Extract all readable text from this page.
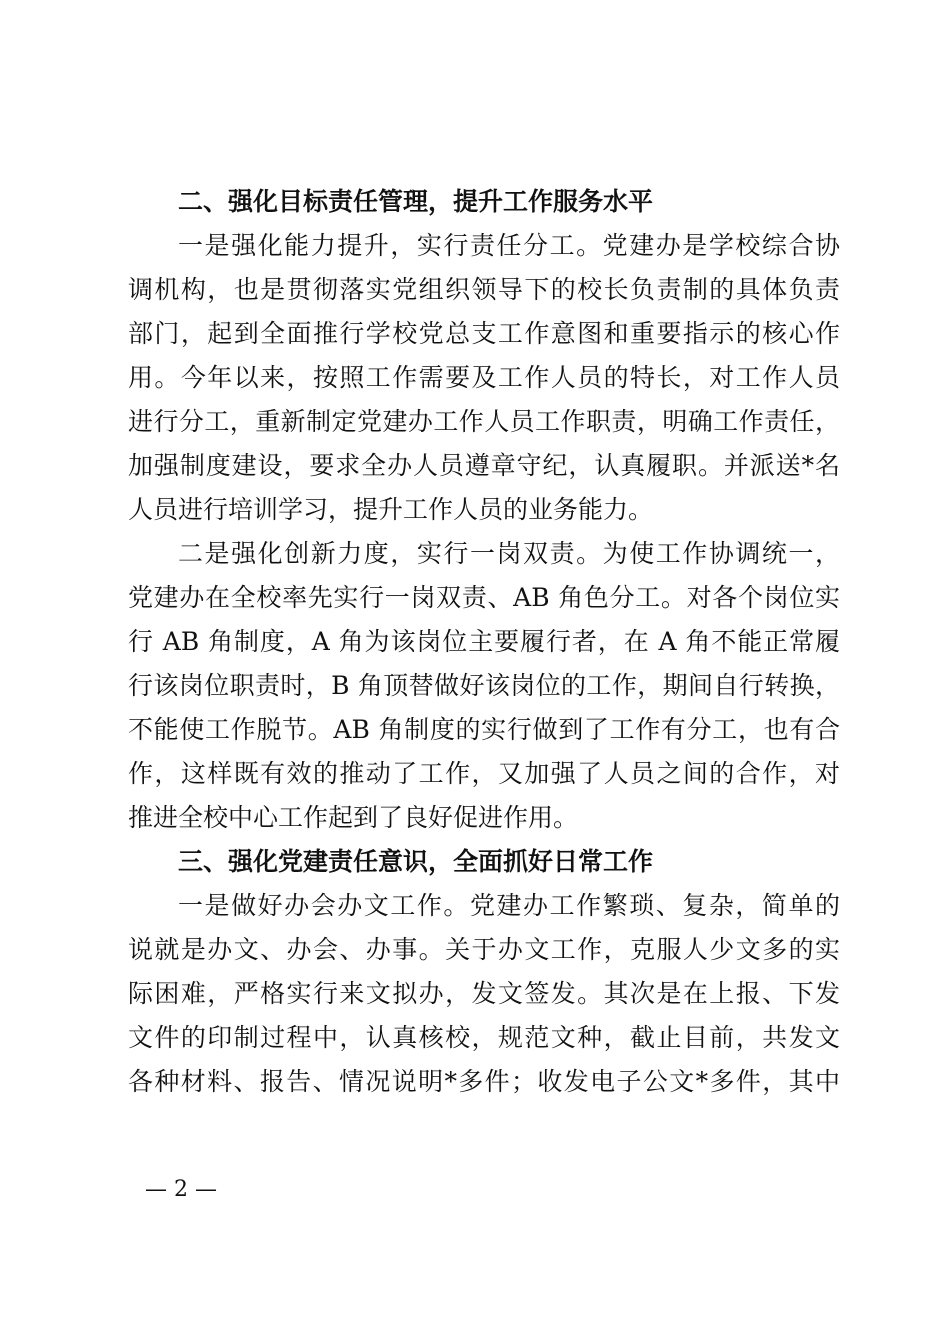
二、强化目标责任管理，提升工作服务水平
一是强化能力提升，实行责任分工。党建办是学校综合协
调机构，也是贯彻落实党组织领导下的校长负责制的具体负责
部门，起到全面推行学校党总支工作意图和重要指示的核心作
用。今年以来，按照工作需要及工作人员的特长，对工作人员
进行分工，重新制定党建办工作人员工作职责，明确工作责任，
加强制度建设，要求全办人员遵章守纪，认真履职。并派送*名
人员进行培训学习，提升工作人员的业务能力。
二是强化创新力度，实行一岗双责。为使工作协调统一，
党建办在全校率先实行一岗双责、AB 角色分工。对各个岗位实
行 AB 角制度，A 角为该岗位主要履行者，在 A 角不能正常履
行该岗位职责时，B 角顶替做好该岗位的工作，期间自行转换，
不能使工作脱节。AB 角制度的实行做到了工作有分工，也有合
作，这样既有效的推动了工作，又加强了人员之间的合作，对
推进全校中心工作起到了良好促进作用。
三、强化党建责任意识，全面抓好日常工作
一是做好办会办文工作。党建办工作繁琐、复杂，简单的
说就是办文、办会、办事。关于办文工作，克服人少文多的实
际困难，严格实行来文拟办，发文签发。其次是在上报、下发
文件的印制过程中，认真核校，规范文种，截止目前，共发文
各种材料、报告、情况说明*多件；收发电子公文*多件，其中
— 2 —
